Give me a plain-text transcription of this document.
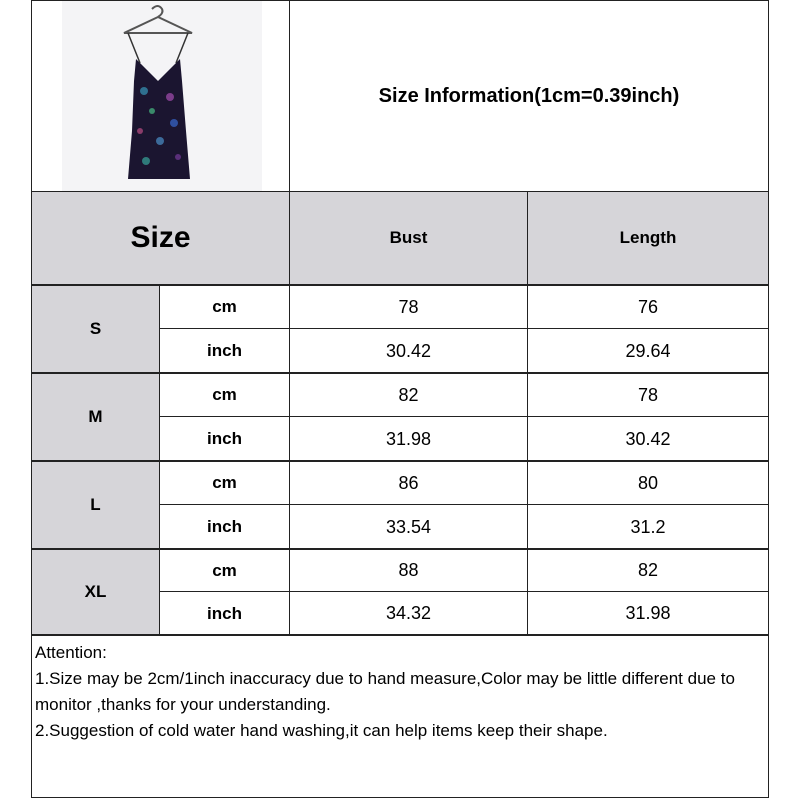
Size Information(1cm=0.39inch)
Size	Bust	Length
S
cm	78	76
inch	30.42	29.64
M
cm	82	78
inch	31.98	30.42
L
cm	86	80
inch	33.54	31.2
XL
cm	88	82
inch	34.32	31.98
Attention:
1.Size may be 2cm/1inch inaccuracy due to hand measure,Color may be little different due to monitor ,thanks for your understanding.
2.Suggestion of cold water hand washing,it can help items keep their shape.
